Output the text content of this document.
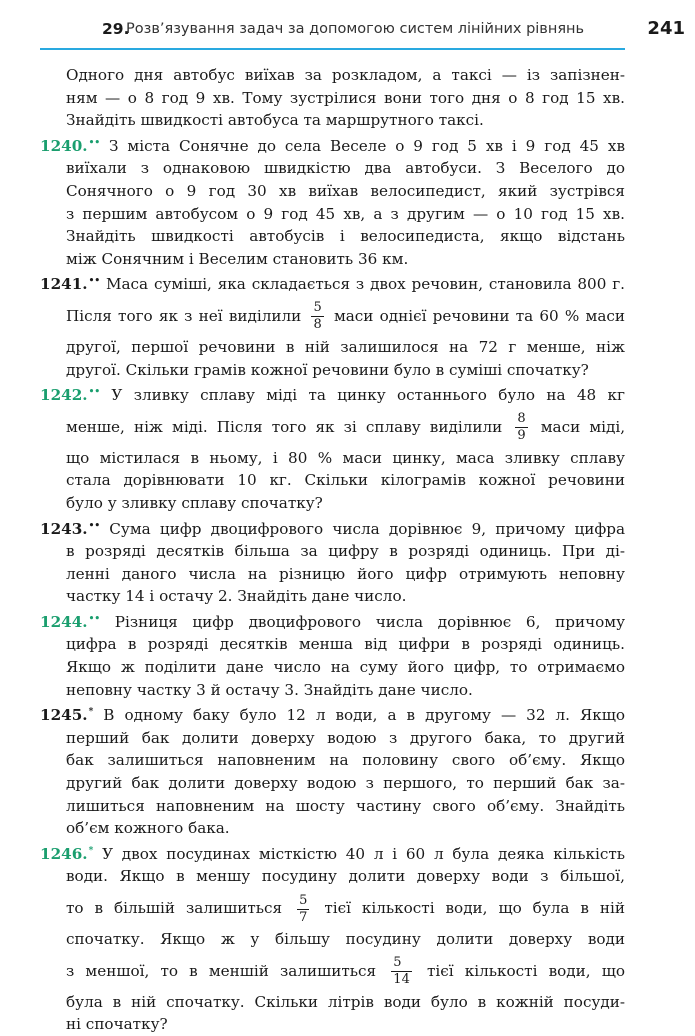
29.
Розв’язування задач за допомогою систем лінійних рівнянь	241
Одного дня автобус виїхав за розкладом, а таксі — із запізнен-
ням — о 8 год 9 хв. Тому зустрілися вони того дня о 8 год 15 хв.
Знайдіть швидкості автобуса та маршрутного таксі.
1240.•• З міста Сонячне до села Веселе о 9 год 5 хв і 9 год 45 хв
виїхали з однаковою швидкістю два автобуси. З Веселого до
Сонячного о 9 год 30 хв виїхав велосипедист, який зустрівся
з першим автобусом о 9 год 45 хв, а з другим — о 10 год 15 хв.
Знайдіть швидкості автобусів і велосипедиста, якщо відстань
між Сонячним і Веселим становить 36 км.
1241.•• Маса суміші, яка складається з двох речовин, становила 800 г.
Після того як з неї виділили $\frac{5}{8}$ маси однієї речовини та 60 % маси
другої, першої речовини в ній залишилося на 72 г менше, ніж
другої. Скільки грамів кожної речовини було в суміші спочатку?
1242.•• У зливку сплаву міді та цинку останнього було на 48 кг
менше, ніж міді. Після того як зі сплаву виділили $\frac{8}{9}$ маси міді,
що містилася в ньому, і 80 % маси цинку, маса зливку сплаву
стала дорівнювати 10 кг. Скільки кілограмів кожної речовини
було у зливку сплаву спочатку?
1243.•• Сума цифр двоцифрового числа дорівнює 9, причому цифра
в розряді десятків більша за цифру в розряді одиниць. При ді-
ленні даного числа на різницю його цифр отримують неповну
частку 14 і остачу 2. Знайдіть дане число.
1244.•• Різниця цифр двоцифрового числа дорівнює 6, причому
цифра в розряді десятків менша від цифри в розряді одиниць.
Якщо ж поділити дане число на суму його цифр, то отримаємо
неповну частку 3 й остачу 3. Знайдіть дане число.
1245.* В одному баку було 12 л води, а в другому — 32 л. Якщо
перший бак долити доверху водою з другого бака, то другий
бак залишиться наповненим на половину свого об’єму. Якщо
другий бак долити доверху водою з першого, то перший бак за-
лишиться наповненим на шосту частину свого об’єму. Знайдіть
об’єм кожного бака.
1246.* У двох посудинах місткістю 40 л і 60 л була деяка кількість
води. Якщо в меншу посудину долити доверху води з більшої,
то в більшій залишиться $\frac{5}{7}$ тієї кількості води, що була в ній
спочатку. Якщо ж у більшу посудину долити доверху води
з меншої, то в меншій залишиться $\frac{5}{14}$ тієї кількості води, що
була в ній спочатку. Скільки літрів води було в кожній посуди-
ні спочатку?
